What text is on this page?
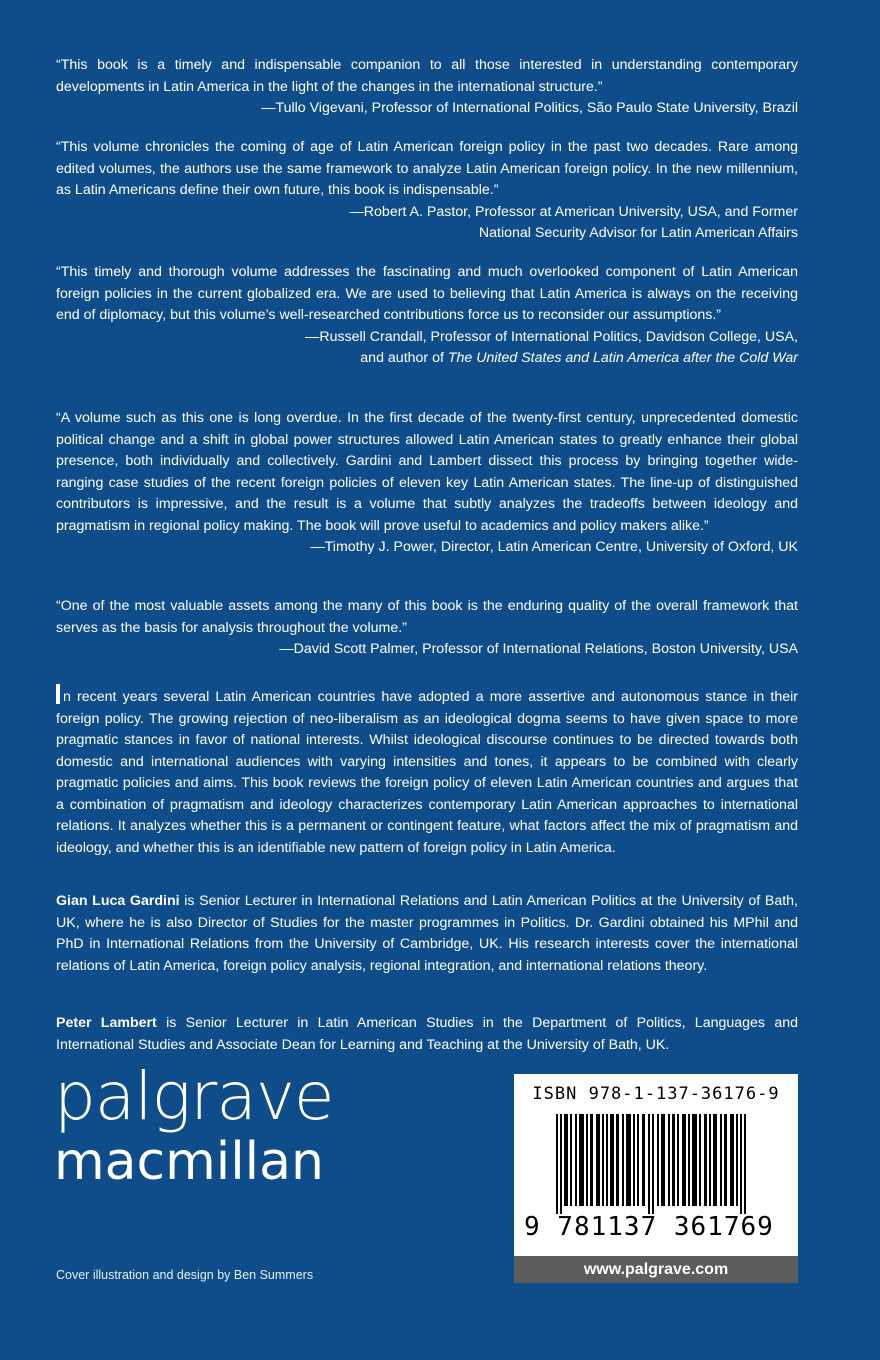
“This book is a timely and indispensable companion to all those interested in understanding contemporary developments in Latin America in the light of the changes in the international structure.”

—Tullo Vigevani, Professor of International Politics, São Paulo State University, Brazil

“This volume chronicles the coming of age of Latin American foreign policy in the past two decades. Rare among edited volumes, the authors use the same framework to analyze Latin American foreign policy. In the new millennium, as Latin Americans define their own future, this book is indispensable.”

—Robert A. Pastor, Professor at American University, USA, and Former

National Security Advisor for Latin American Affairs

“This timely and thorough volume addresses the fascinating and much overlooked component of Latin American foreign policies in the current globalized era. We are used to believing that Latin America is always on the receiving end of diplomacy, but this volume’s well-researched contributions force us to reconsider our assumptions.”

—Russell Crandall, Professor of International Politics, Davidson College, USA,

and author of The United States and Latin America after the Cold War

“A volume such as this one is long overdue. In the first decade of the twenty-first century, unprecedented domestic political change and a shift in global power structures allowed Latin American states to greatly enhance their global presence, both individually and collectively. Gardini and Lambert dissect this process by bringing together wide-ranging case studies of the recent foreign policies of eleven key Latin American states. The line-up of distinguished contributors is impressive, and the result is a volume that subtly analyzes the tradeoffs between ideology and pragmatism in regional policy making. The book will prove useful to academics and policy makers alike.”

—Timothy J. Power, Director, Latin American Centre, University of Oxford, UK

“One of the most valuable assets among the many of this book is the enduring quality of the overall framework that serves as the basis for analysis throughout the volume.”

—David Scott Palmer, Professor of International Relations, Boston University, USA

n recent years several Latin American countries have adopted a more assertive and autonomous stance in their foreign policy. The growing rejection of neo-liberalism as an ideological dogma seems to have given space to more pragmatic stances in favor of national interests. Whilst ideological discourse continues to be directed towards both domestic and international audiences with varying intensities and tones, it appears to be combined with clearly pragmatic policies and aims. This book reviews the foreign policy of eleven Latin American countries and argues that a combination of pragmatism and ideology characterizes contemporary Latin American approaches to international relations. It analyzes whether this is a permanent or contingent feature, what factors affect the mix of pragmatism and ideology, and whether this is an identifiable new pattern of foreign policy in Latin America.
Gian Luca Gardini is Senior Lecturer in International Relations and Latin American Politics at the University of Bath, UK, where he is also Director of Studies for the master programmes in Politics. Dr. Gardini obtained his MPhil and PhD in International Relations from the University of Cambridge, UK. His research interests cover the international relations of Latin America, foreign policy analysis, regional integration, and international relations theory.
Peter Lambert is Senior Lecturer in Latin American Studies in the Department of Politics, Languages and International Studies and Associate Dean for Learning and Teaching at the University of Bath, UK.
palgrave
macmillan
Cover illustration and design by Ben Summers
ISBN 978-1-137-36176-9
9 781137 361769
www.palgrave.com
